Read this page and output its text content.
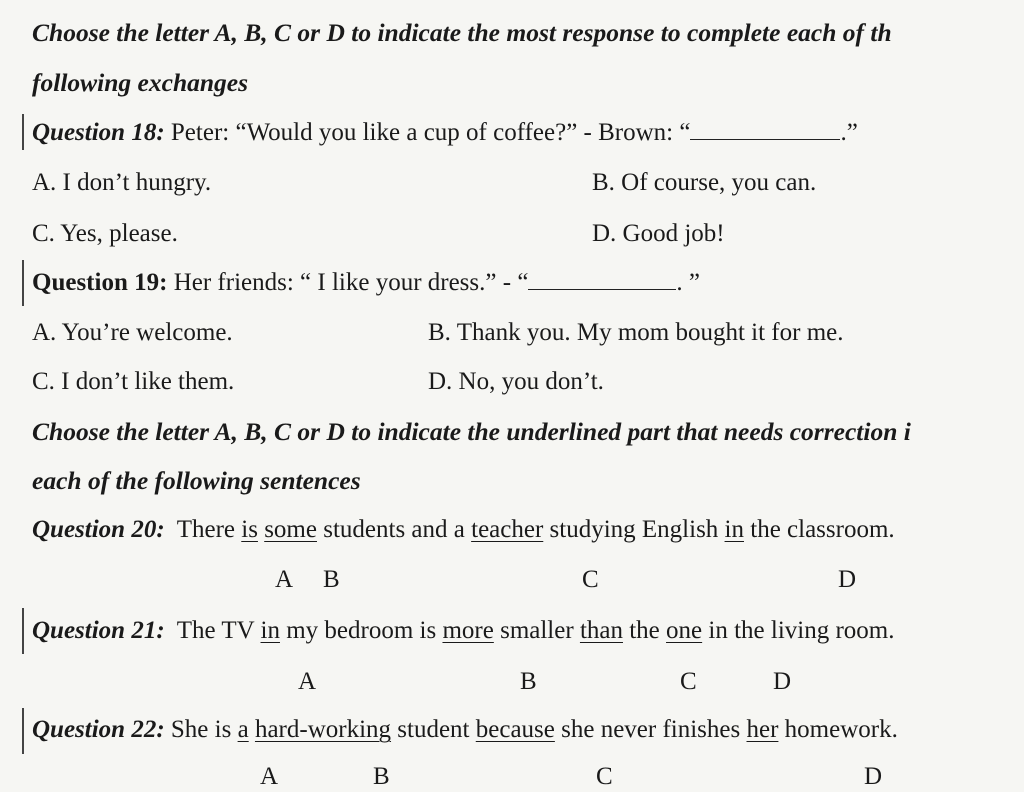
Choose the letter A, B, C or D to indicate the most response to complete each of th
following exchanges
Question 18: Peter: “Would you like a cup of coffee?” - Brown: “	.”
A. I don’t hungry.	B. Of course, you can.
C. Yes, please.	D. Good job!
Question 19: Her friends: “ I like your dress.” - “	. ”
A. You’re welcome.	B. Thank you. My mom bought it for me.
C. I don’t like them.	D. No, you don’t.
Choose the letter A, B, C or D to indicate the underlined part that needs correction i
each of the following sentences
Question 20: There is some students and a teacher studying English in the classroom.
A B	C	D
Question 21: The TV in my bedroom is more smaller than the one in the living room.
A	B	C	D
Question 22: She is a hard-working student because she never finishes her homework.
A	B	C	D
